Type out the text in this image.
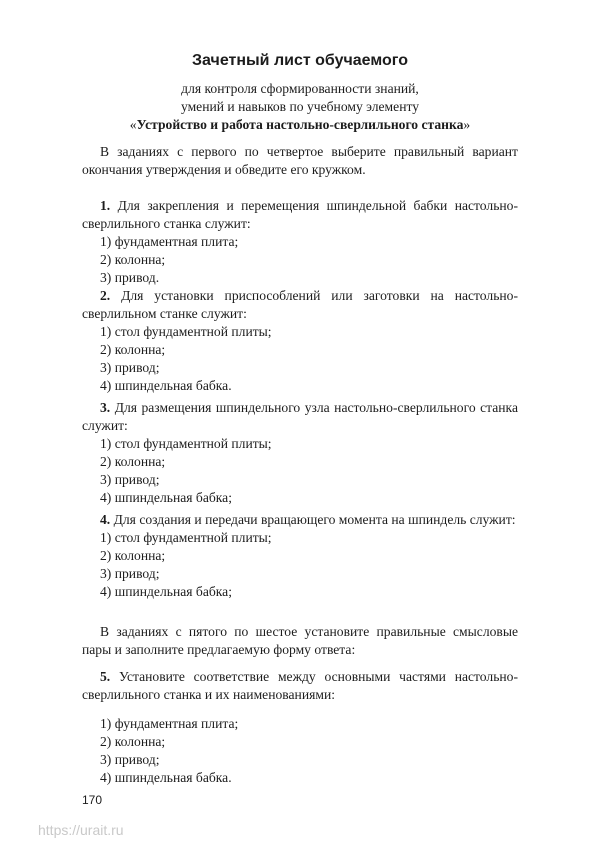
Зачетный лист обучаемого
для контроля сформированности знаний,
умений и навыков по учебному элементу
«Устройство и работа настольно-сверлильного станка»

В заданиях с первого по четвертое выберите правильный вариант окончания утверждения и обведите его кружком.

1. Для закрепления и перемещения шпиндельной бабки настольно-сверлильного станка служит:

1) фундаментная плита;
2) колонна;
3) привод.

2. Для установки приспособлений или заготовки на настольно-сверлильном станке служит:

1) стол фундаментной плиты;
2) колонна;
3) привод;
4) шпиндельная бабка.

3. Для размещения шпиндельного узла настольно-сверлильного станка служит:

1) стол фундаментной плиты;
2) колонна;
3) привод;
4) шпиндельная бабка;

4. Для создания и передачи вращающего момента на шпиндель служит:

1) стол фундаментной плиты;
2) колонна;
3) привод;
4) шпиндельная бабка;

В заданиях с пятого по шестое установите правильные смысловые пары и заполните предлагаемую форму ответа:

5. Установите соответствие между основными частями настольно-сверлильного станка и их наименованиями:

1) фундаментная плита;
2) колонна;
3) привод;
4) шпиндельная бабка.
170
https://urait.ru
